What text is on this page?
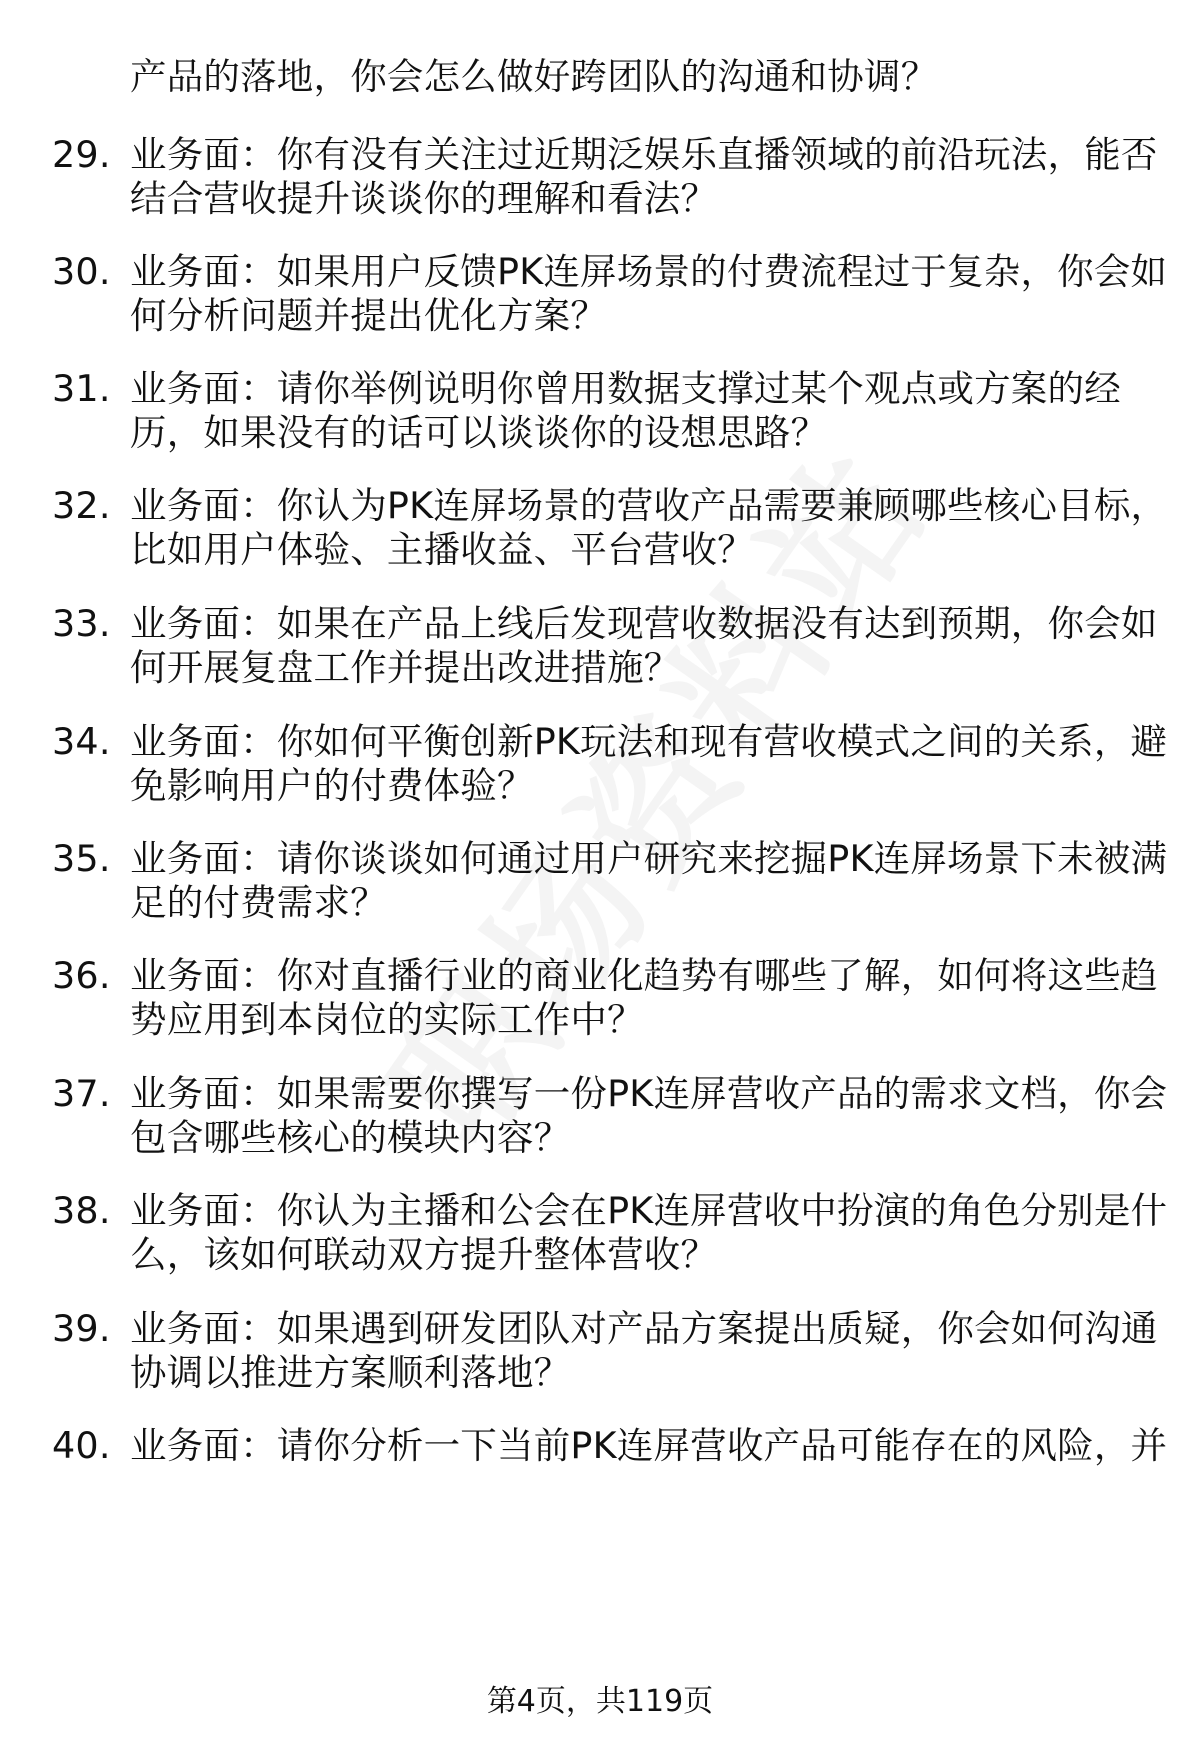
产品的落地，你会怎么做好跨团队的沟通和协调？
29. 业务面：你有没有关注过近期泛娱乐直播领域的前沿玩法，能否
结合营收提升谈谈你的理解和看法？
30. 业务面：如果用户反馈PK连屏场景的付费流程过于复杂，你会如
何分析问题并提出优化方案？
31. 业务面：请你举例说明你曾用数据支撑过某个观点或方案的经
历，如果没有的话可以谈谈你的设想思路？
32. 业务面：你认为PK连屏场景的营收产品需要兼顾哪些核心目标，
比如用户体验、主播收益、平台营收？
33. 业务面：如果在产品上线后发现营收数据没有达到预期，你会如
何开展复盘工作并提出改进措施？
34. 业务面：你如何平衡创新PK玩法和现有营收模式之间的关系，避
免影响用户的付费体验？
35. 业务面：请你谈谈如何通过用户研究来挖掘PK连屏场景下未被满
足的付费需求？
36. 业务面：你对直播行业的商业化趋势有哪些了解，如何将这些趋
势应用到本岗位的实际工作中？
37. 业务面：如果需要你撰写一份PK连屏营收产品的需求文档，你会
包含哪些核心的模块内容？
38. 业务面：你认为主播和公会在PK连屏营收中扮演的角色分别是什
么，该如何联动双方提升整体营收？
39. 业务面：如果遇到研发团队对产品方案提出质疑，你会如何沟通
协调以推进方案顺利落地？
40. 业务面：请你分析一下当前PK连屏营收产品可能存在的风险，并
第4页，共119页
